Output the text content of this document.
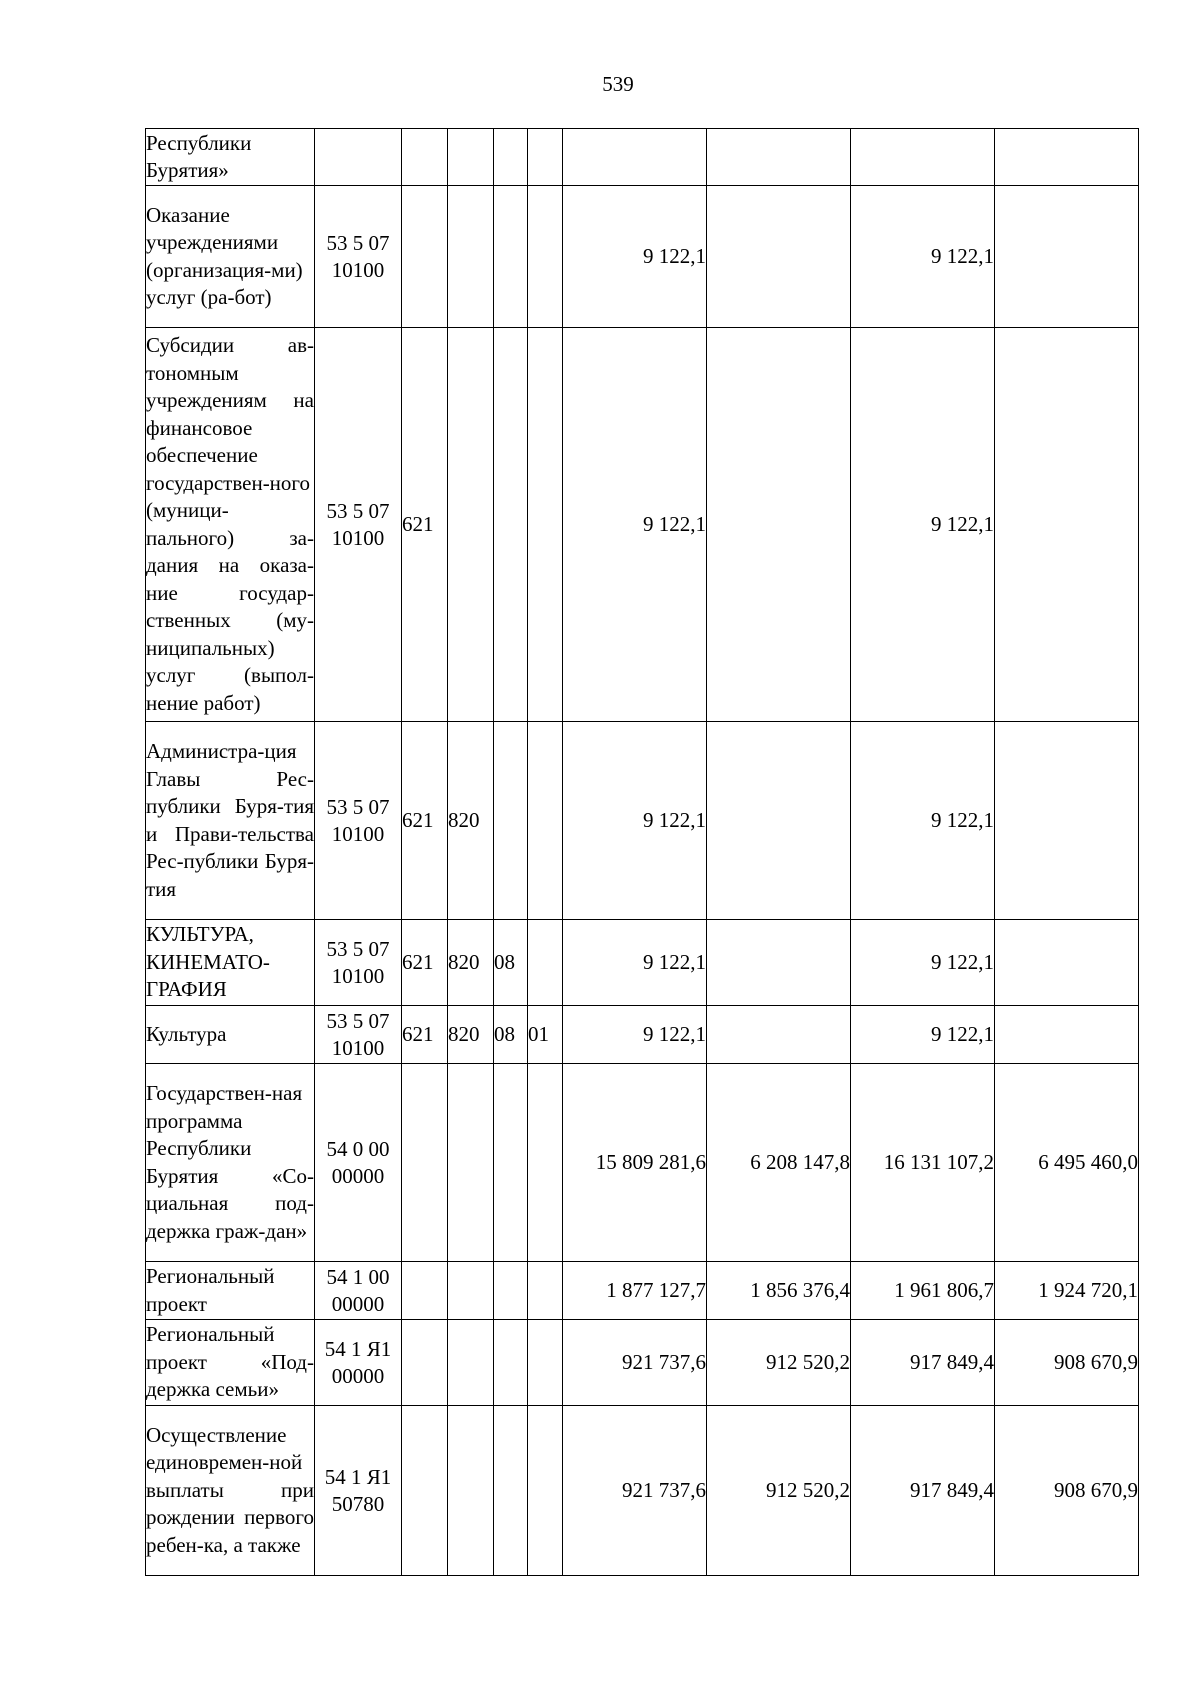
539
Республики Бурятия»									
Оказание учреждениями (организация-ми) услуг (ра-бот)	53 5 07 10100					9 122,1		9 122,1	
Субсидии ав-тономным учреждениям на финансовое обеспечение государствен-ного (муници-пального) за-дания на оказа-ние государ-ственных (му-ниципальных) услуг (выпол-нение работ)	53 5 07 10100	621				9 122,1		9 122,1	
Администра-ция Главы Рес-публики Буря-тия и Прави-тельства Рес-публики Буря-тия	53 5 07 10100	621	820			9 122,1		9 122,1	
КУЛЬТУРА, КИНЕМАТО-ГРАФИЯ	53 5 07 10100	621	820	08		9 122,1		9 122,1	
Культура	53 5 07 10100	621	820	08	01	9 122,1		9 122,1	
Государствен-ная программа Республики Бурятия «Со-циальная под-держка граж-дан»	54 0 00 00000					15 809 281,6	6 208 147,8	16 131 107,2	6 495 460,0
Региональный проект	54 1 00 00000					1 877 127,7	1 856 376,4	1 961 806,7	1 924 720,1
Региональный проект «Под-держка семьи»	54 1 Я1 00000					921 737,6	912 520,2	917 849,4	908 670,9
Осуществление единовремен-ной выплаты при рождении первого ребен-ка, а также	54 1 Я1 50780					921 737,6	912 520,2	917 849,4	908 670,9
